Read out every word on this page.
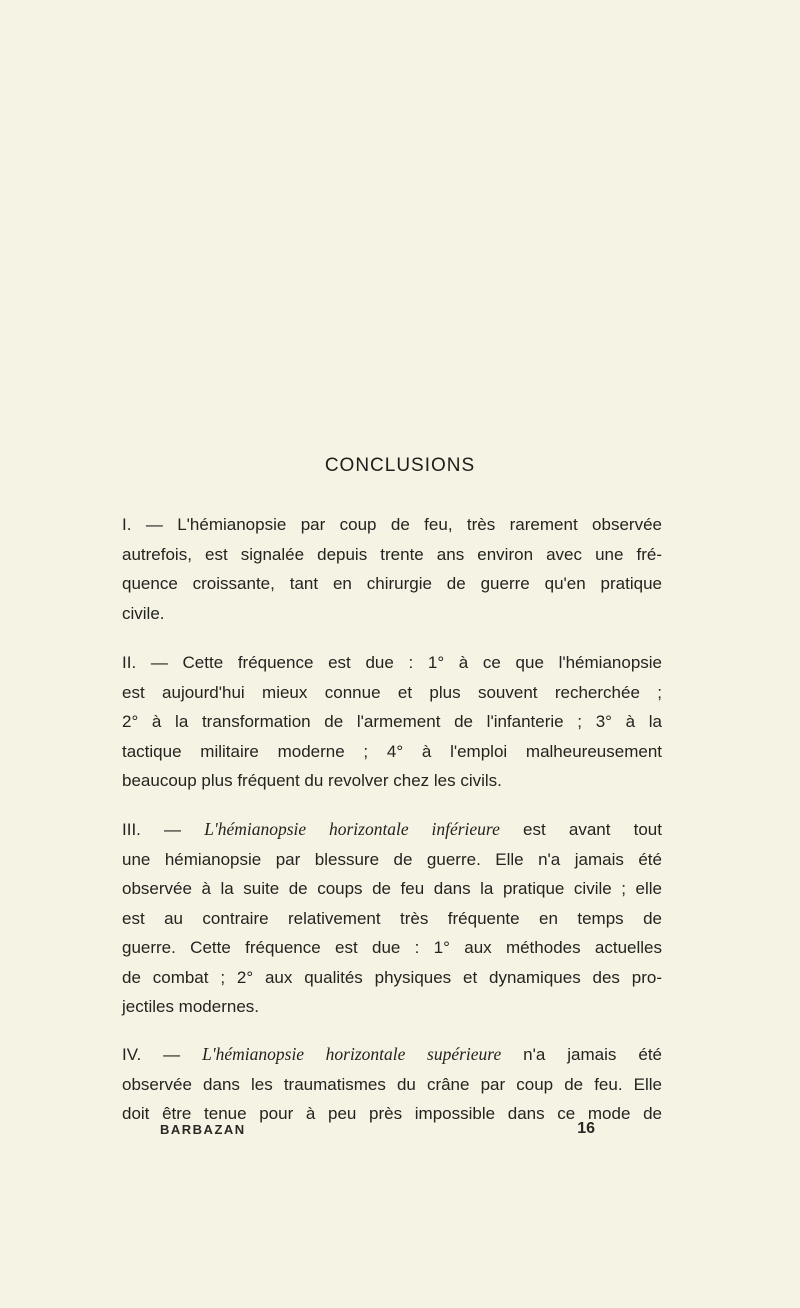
CONCLUSIONS

I. — L'hémianopsie par coup de feu, très rarement observée
autrefois, est signalée depuis trente ans environ avec une fré-
quence croissante, tant en chirurgie de guerre qu'en pratique
civile.

II. — Cette fréquence est due : 1° à ce que l'hémianopsie
est aujourd'hui mieux connue et plus souvent recherchée ;
2° à la transformation de l'armement de l'infanterie ; 3° à la
tactique militaire moderne ; 4° à l'emploi malheureusement
beaucoup plus fréquent du revolver chez les civils.

III. — L'hémianopsie horizontale inférieure est avant tout
une hémianopsie par blessure de guerre. Elle n'a jamais été
observée à la suite de coups de feu dans la pratique civile ; elle
est au contraire relativement très fréquente en temps de
guerre. Cette fréquence est due : 1° aux méthodes actuelles
de combat ; 2° aux qualités physiques et dynamiques des pro-
jectiles modernes.

IV. — L'hémianopsie horizontale supérieure n'a jamais été
observée dans les traumatismes du crâne par coup de feu. Elle
doit être tenue pour à peu près impossible dans ce mode de

BARBAZAN	16
